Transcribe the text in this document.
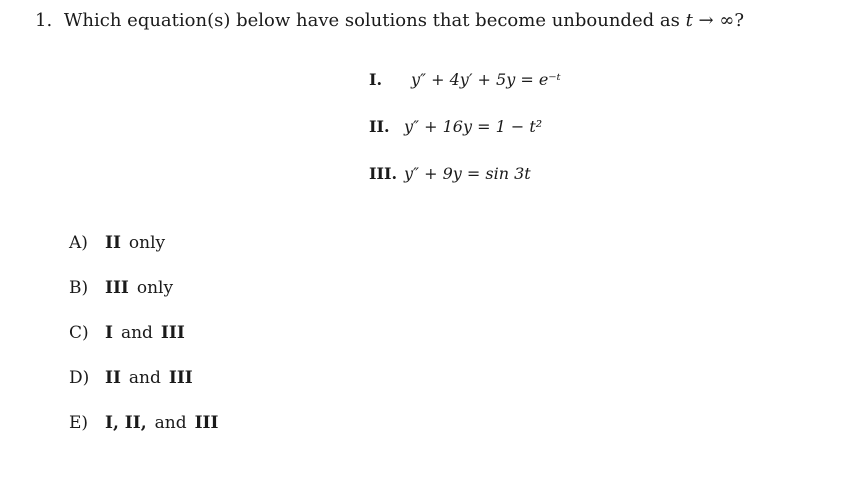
1. Which equation(s) below have solutions that become unbounded as t → ∞?
I.	y″ + 4y′ + 5y = e⁻ᵗ
II. y″ + 16y = 1 − t²
III. y″ + 9y = sin 3t
A)	II only
B) III only
C) I and III
D) II and III
E) I, II, and III
